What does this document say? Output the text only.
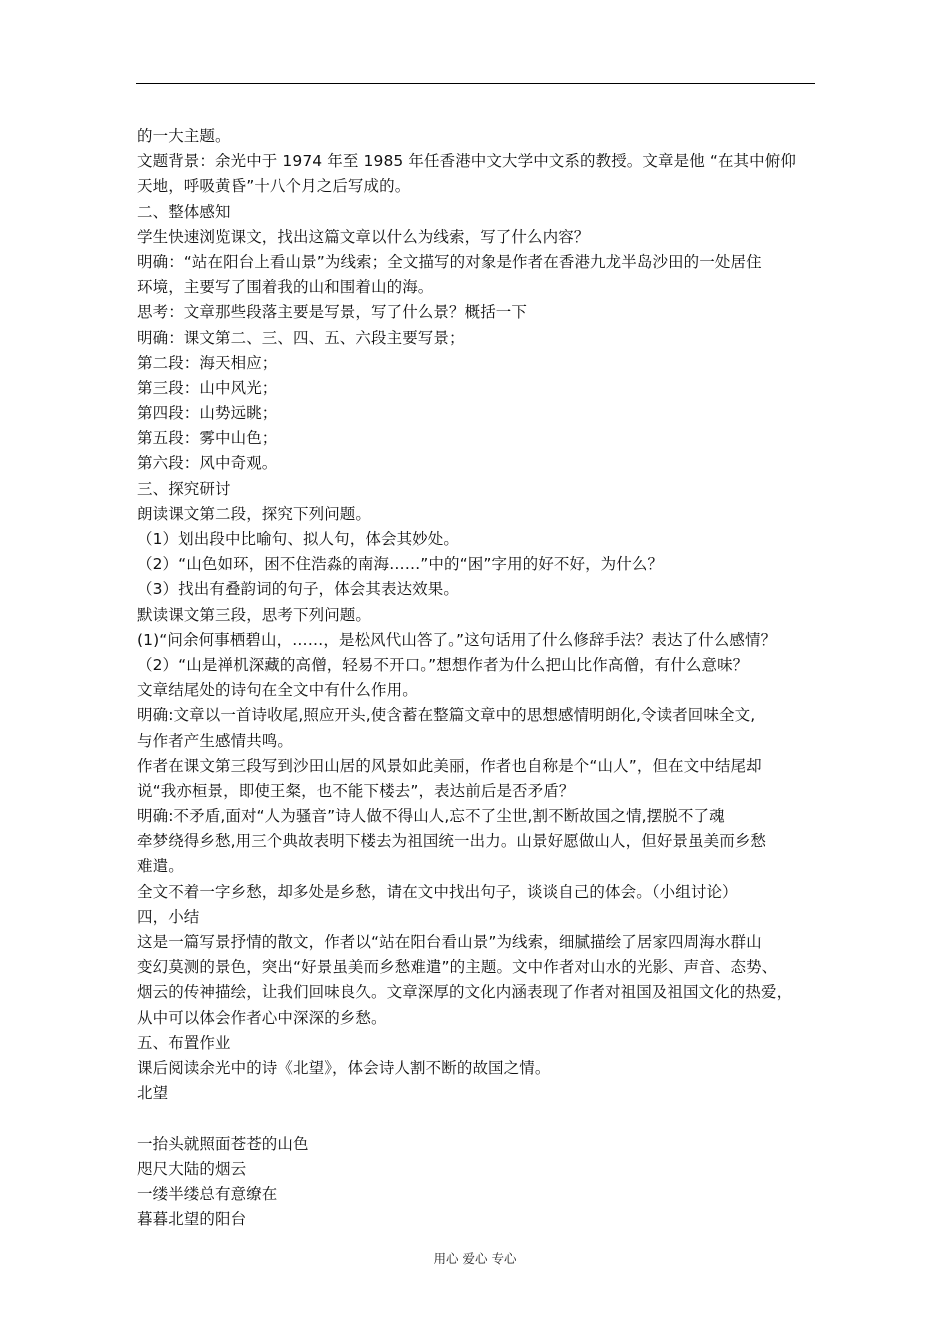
的一大主题。
文题背景：余光中于 1974 年至 1985 年任香港中文大学中文系的教授。文章是他 “在其中俯仰
天地，呼吸黄昏”十八个月之后写成的。
二、整体感知
学生快速浏览课文，找出这篇文章以什么为线索，写了什么内容？
明确：“站在阳台上看山景”为线索；全文描写的对象是作者在香港九龙半岛沙田的一处居住
环境，主要写了围着我的山和围着山的海。
思考：文章那些段落主要是写景，写了什么景？概括一下
明确：课文第二、三、四、五、六段主要写景；
第二段：海天相应；
第三段：山中风光；
第四段：山势远眺；
第五段：雾中山色；
第六段：风中奇观。
三、探究研讨
朗读课文第二段，探究下列问题。
（1）划出段中比喻句、拟人句，体会其妙处。
（2）“山色如环，困不住浩淼的南海……”中的“困”字用的好不好，为什么？
（3）找出有叠韵词的句子，体会其表达效果。
默读课文第三段，思考下列问题。
(1)“问余何事栖碧山，……，是松风代山答了。”这句话用了什么修辞手法？表达了什么感情？
（2）“山是禅机深藏的高僧，轻易不开口。”想想作者为什么把山比作高僧，有什么意味？
文章结尾处的诗句在全文中有什么作用。
明确:文章以一首诗收尾,照应开头,使含蓄在整篇文章中的思想感情明朗化,令读者回味全文,
与作者产生感情共鸣。
作者在课文第三段写到沙田山居的风景如此美丽，作者也自称是个“山人”，但在文中结尾却
说“我亦桓景，即使王粲，也不能下楼去”，表达前后是否矛盾？
明确:不矛盾,面对“人为骚音”诗人做不得山人,忘不了尘世,割不断故国之情,摆脱不了魂
牵梦绕得乡愁,用三个典故表明下楼去为祖国统一出力。山景好愿做山人，但好景虽美而乡愁
难遣。
全文不着一字乡愁，却多处是乡愁，请在文中找出句子，谈谈自己的体会。（小组讨论）
四，小结
这是一篇写景抒情的散文，作者以“站在阳台看山景”为线索，细腻描绘了居家四周海水群山
变幻莫测的景色，突出“好景虽美而乡愁难遣”的主题。文中作者对山水的光影、声音、态势、
烟云的传神描绘，让我们回味良久。文章深厚的文化内涵表现了作者对祖国及祖国文化的热爱，
从中可以体会作者心中深深的乡愁。
五、布置作业
课后阅读余光中的诗《北望》，体会诗人割不断的故国之情。
北望
一抬头就照面苍苍的山色
咫尺大陆的烟云
一缕半缕总有意缭在
暮暮北望的阳台
用心 爱心 专心
